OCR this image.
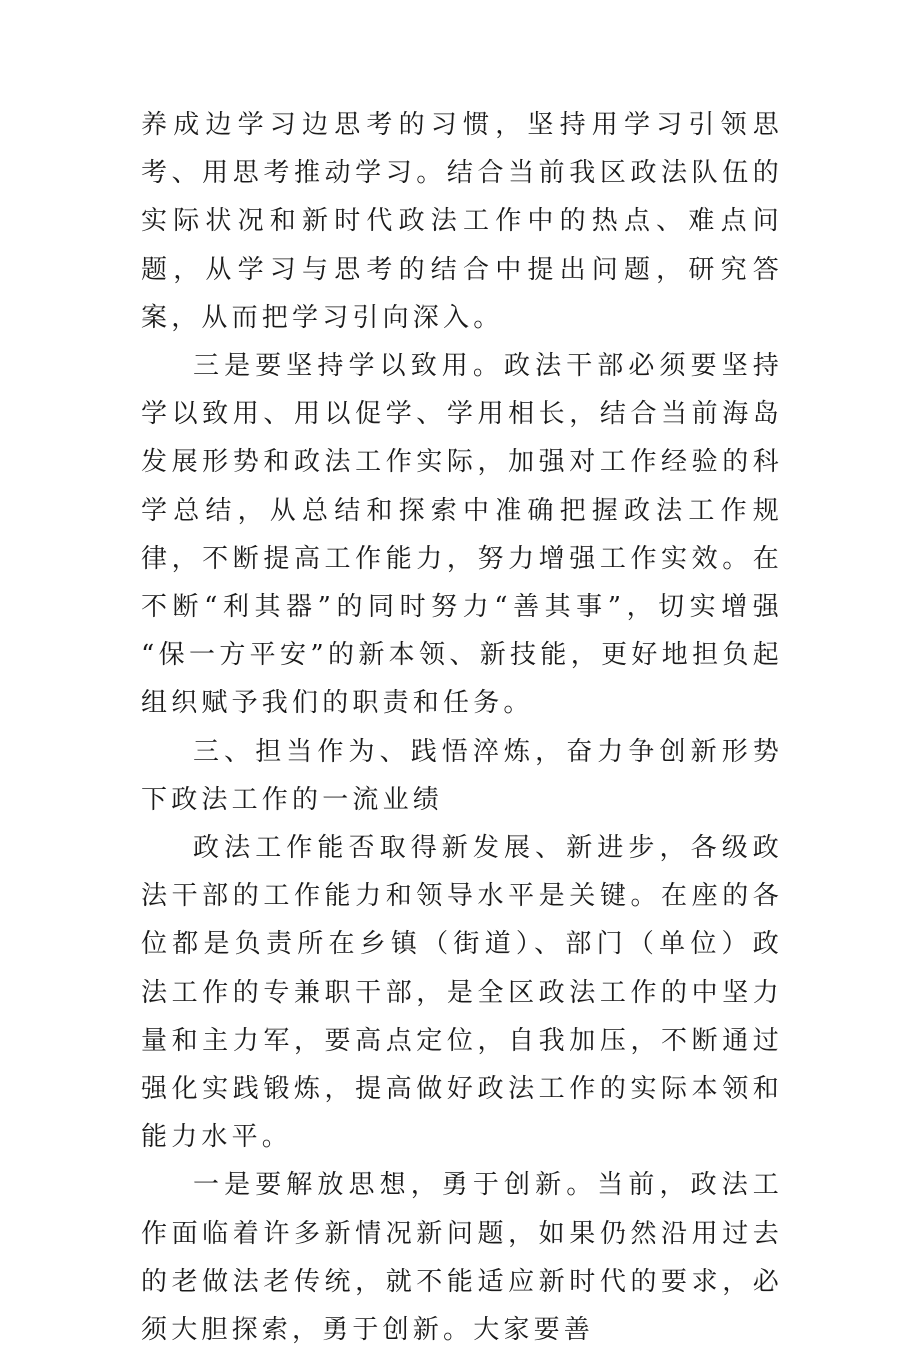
养成边学习边思考的习惯，坚持用学习引领思考、用思考推动学习。结合当前我区政法队伍的实际状况和新时代政法工作中的热点、难点问题，从学习与思考的结合中提出问题，研究答案，从而把学习引向深入。

三是要坚持学以致用。政法干部必须要坚持学以致用、用以促学、学用相长，结合当前海岛发展形势和政法工作实际，加强对工作经验的科学总结，从总结和探索中准确把握政法工作规律，不断提高工作能力，努力增强工作实效。在不断“利其器”的同时努力“善其事”，切实增强 “保一方平安”的新本领、新技能，更好地担负起组织赋予我们的职责和任务。

三、担当作为、践悟淬炼，奋力争创新形势下政法工作的一流业绩

政法工作能否取得新发展、新进步，各级政法干部的工作能力和领导水平是关键。在座的各位都是负责所在乡镇（街道）、部门（单位）政法工作的专兼职干部，是全区政法工作的中坚力量和主力军，要高点定位，自我加压，不断通过强化实践锻炼，提高做好政法工作的实际本领和能力水平。

一是要解放思想，勇于创新。当前，政法工作面临着许多新情况新问题，如果仍然沿用过去的老做法老传统，就不能适应新时代的要求，必须大胆探索，勇于创新。大家要善
